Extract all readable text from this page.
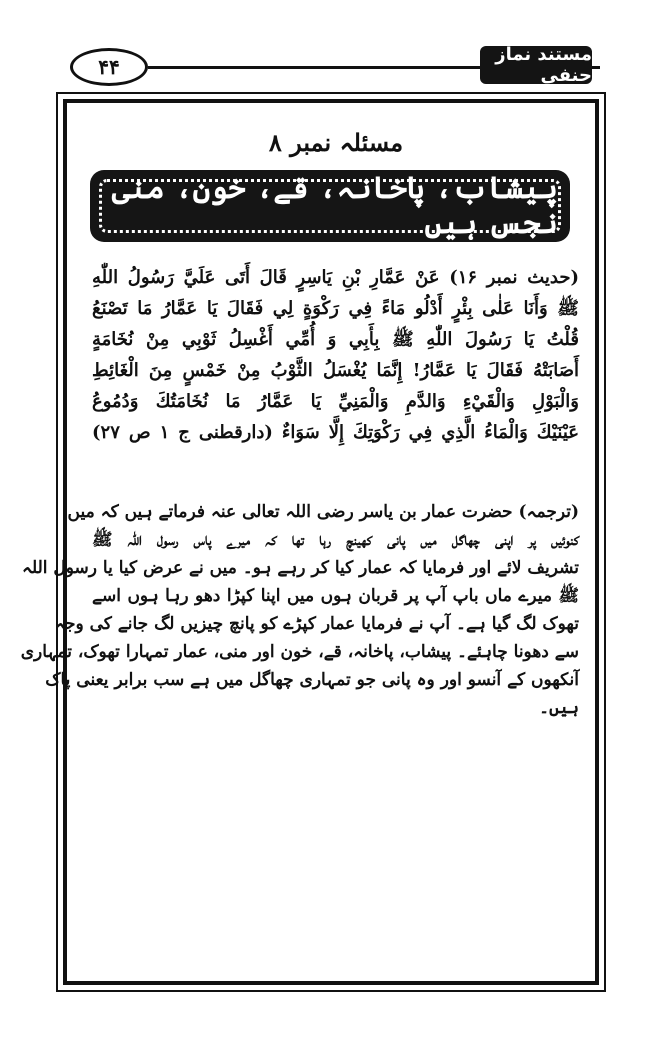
۴۴
مستند نماز حنفی
مسئلہ نمبر ۸
پیشاب، پاخانہ، قے، خون، منی نجس ہیں
(حدیث نمبر ۱۶) عَنْ عَمَّارِ بْنِ يَاسِرٍ قَالَ أَتَى عَلَيَّ رَسُولُ اللّٰهِ
ﷺ وَأَنَا عَلٰى بِئْرٍ أَدْلُو مَاءً فِي رَكْوَةٍ لِي فَقَالَ يَا عَمَّارُ مَا تَصْنَعُ
قُلْتُ يَا رَسُولَ اللّٰهِ ﷺ بِأَبِي وَ أُمِّي أَغْسِلُ ثَوْبِي مِنْ نُخَامَةٍ
أَصَابَتْهُ فَقَالَ يَا عَمَّارُ! إِنَّمَا يُغْسَلُ الثَّوْبُ مِنْ خَمْسٍ مِنَ الْغَائِطِ
وَالْبَوْلِ وَالْقَيْءِ وَالدَّمِ وَالْمَنِيِّ يَا عَمَّارُ مَا نُخَامَتُكَ وَدُمُوعُ
عَيْنَيْكَ وَالْمَاءُ الَّذِي فِي رَكْوَتِكَ إِلَّا سَوَاءٌ (دارقطنی ج ۱ ص ۲۷)
(ترجمہ) حضرت عمار بن یاسر رضی اللہ تعالی عنہ فرماتے ہیں کہ میں
کنوئیں پر اپنی چھاگل میں پانی کھینچ رہا تھا کہ میرے پاس رسول اللہ ﷺ
تشریف لائے اور فرمایا کہ عمار کیا کر رہے ہو۔ میں نے عرض کیا یا رسول اللہ
ﷺ میرے ماں باپ آپ پر قربان ہوں میں اپنا کپڑا دھو رہا ہوں اسے
تھوک لگ گیا ہے۔ آپ نے فرمایا عمار کپڑے کو پانچ چیزیں لگ جانے کی وجہ
سے دھونا چاہئے۔ پیشاب، پاخانہ، قے، خون اور منی، عمار تمہارا تھوک، تمہاری
آنکھوں کے آنسو اور وہ پانی جو تمہاری چھاگل میں ہے سب برابر یعنی پاک
ہیں۔
